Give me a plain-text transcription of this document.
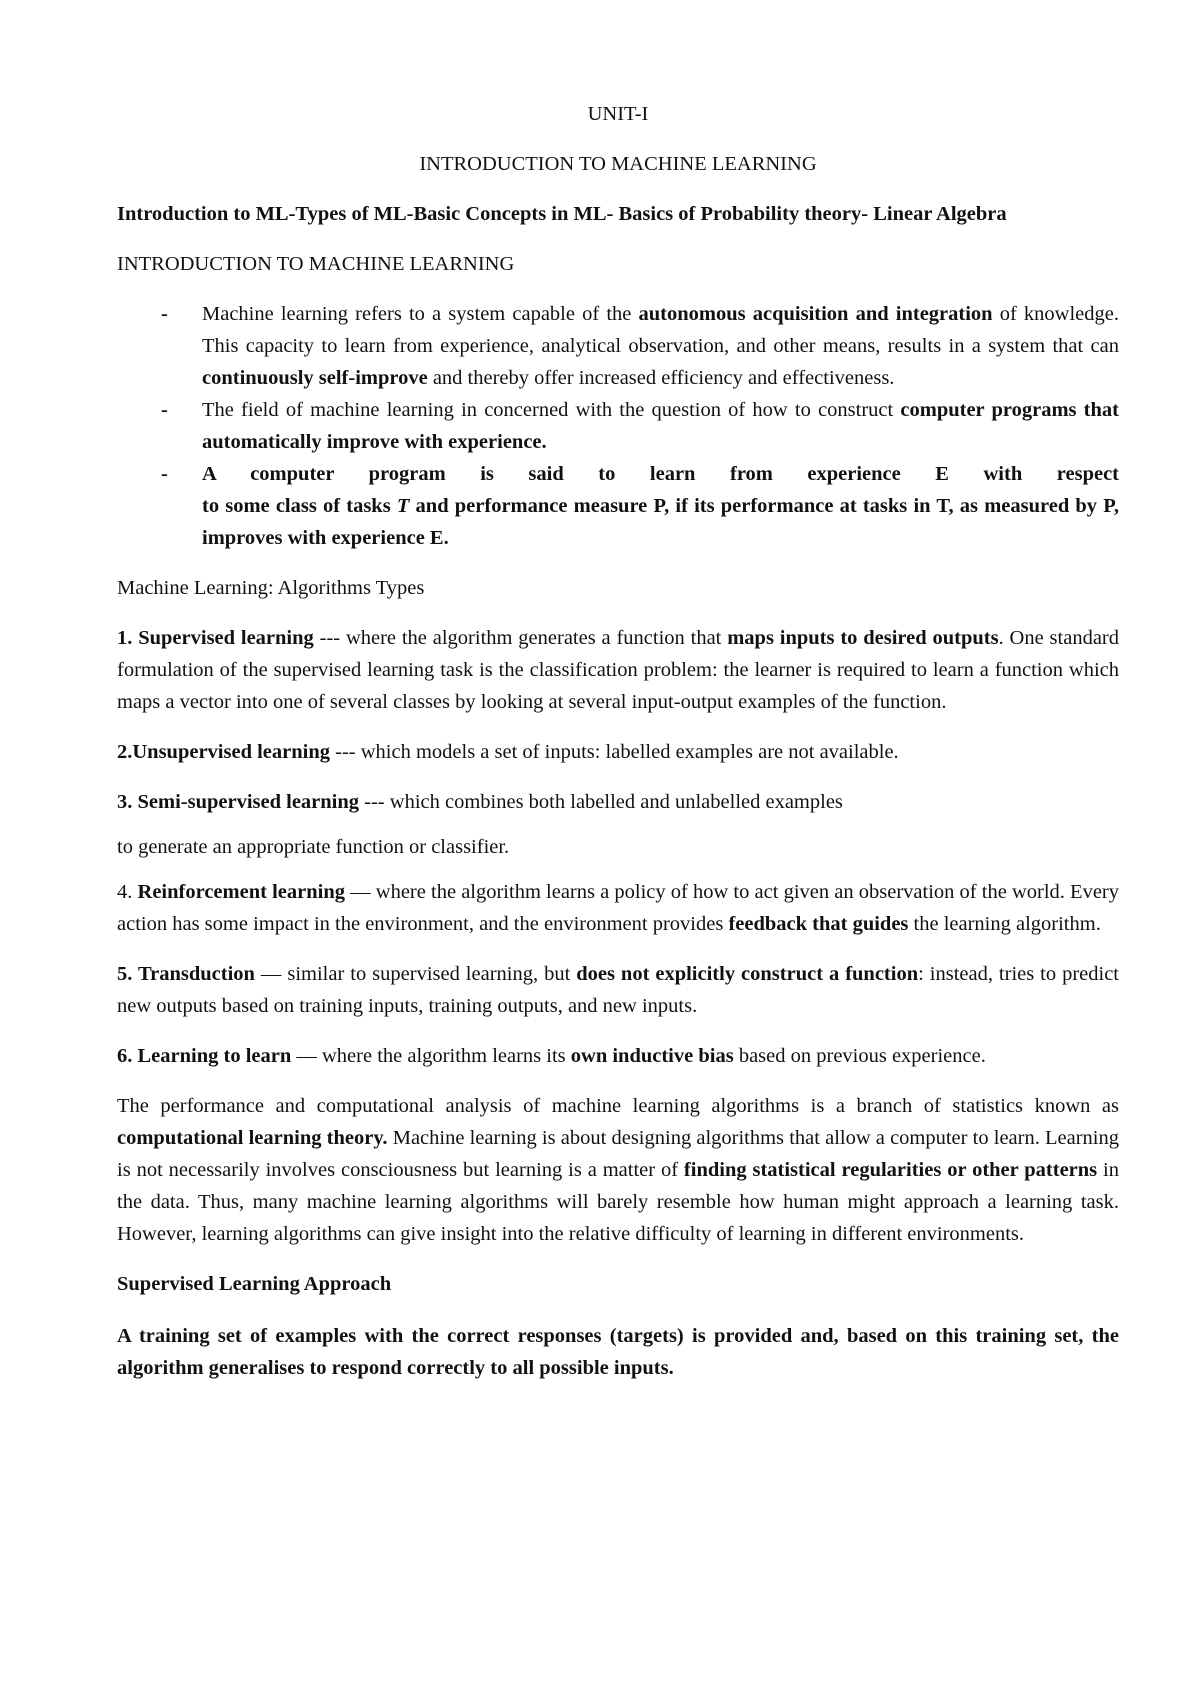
UNIT-I

INTRODUCTION TO MACHINE LEARNING

Introduction to ML-Types of ML-Basic Concepts in ML- Basics of Probability theory- Linear Algebra

INTRODUCTION TO MACHINE LEARNING

- Machine learning refers to a system capable of the autonomous acquisition and integration of knowledge. This capacity to learn from experience, analytical observation, and other means, results in a system that can continuously self-improve and thereby offer increased efficiency and effectiveness.
- The field of machine learning in concerned with the question of how to construct computer programs that automatically improve with experience.
- A computer program is said to learn from experience E with respect
to some class of tasks T and performance measure P, if its performance at tasks in T, as measured by P, improves with experience E.

Machine Learning: Algorithms Types

1. Supervised learning --- where the algorithm generates a function that maps inputs to desired outputs. One standard formulation of the supervised learning task is the classification problem: the learner is required to learn a function which maps a vector into one of several classes by looking at several input-output examples of the function.

2.Unsupervised learning --- which models a set of inputs: labelled examples are not available.

3. Semi-supervised learning --- which combines both labelled and unlabelled examples

to generate an appropriate function or classifier.

4. Reinforcement learning –– where the algorithm learns a policy of how to act given an observation of the world. Every action has some impact in the environment, and the environment provides feedback that guides the learning algorithm.

5. Transduction –– similar to supervised learning, but does not explicitly construct a function: instead, tries to predict new outputs based on training inputs, training outputs, and new inputs.

6. Learning to learn –– where the algorithm learns its own inductive bias based on previous experience.

The performance and computational analysis of machine learning algorithms is a branch of statistics known as computational learning theory. Machine learning is about designing algorithms that allow a computer to learn. Learning is not necessarily involves consciousness but learning is a matter of finding statistical regularities or other patterns in the data. Thus, many machine learning algorithms will barely resemble how human might approach a learning task. However, learning algorithms can give insight into the relative difficulty of learning in different environments.

Supervised Learning Approach

A training set of examples with the correct responses (targets) is provided and, based on this training set, the algorithm generalises to respond correctly to all possible inputs.
